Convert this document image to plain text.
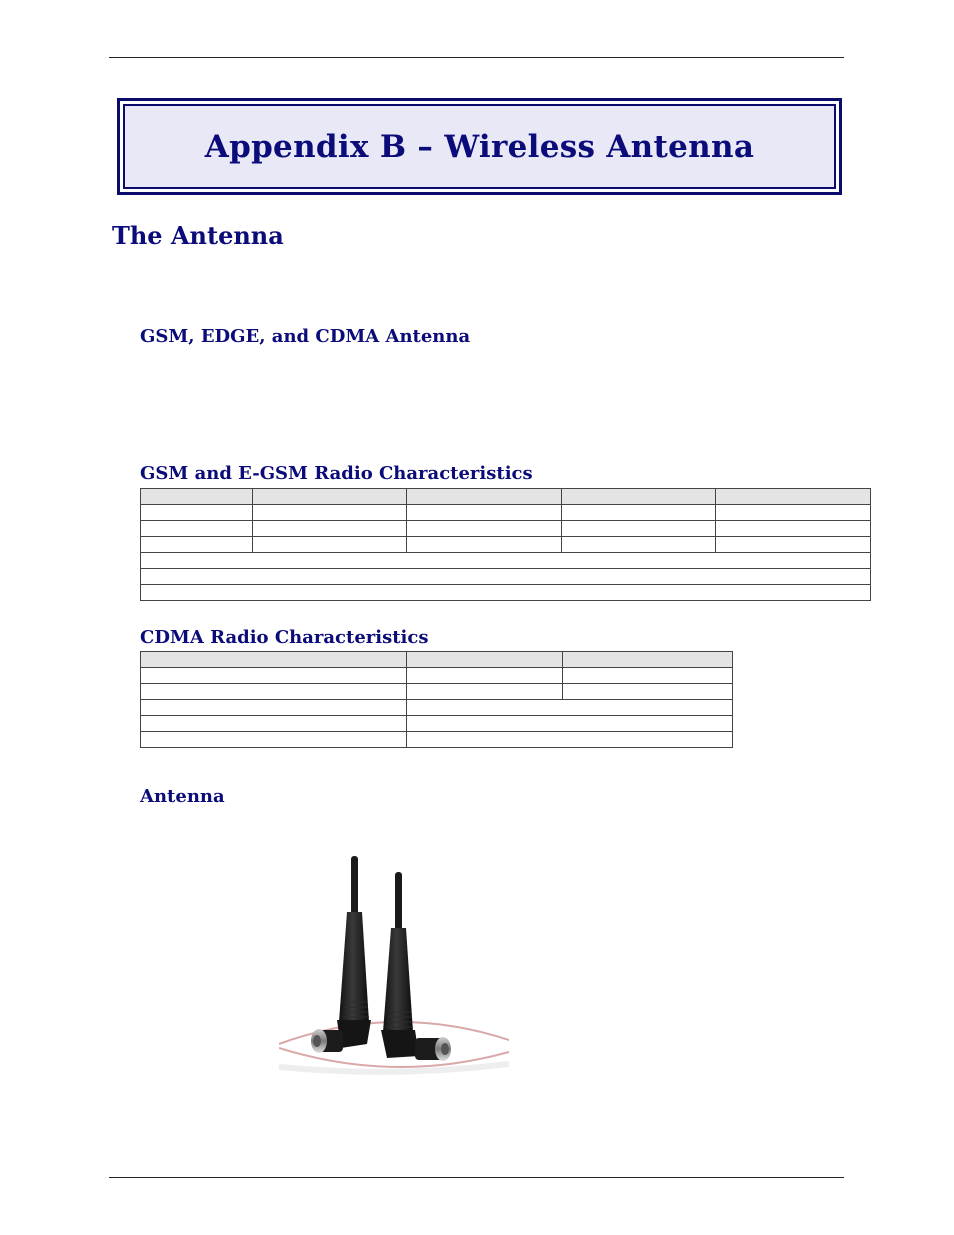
Appendix B – Wireless Antenna
The Antenna
GSM, EDGE, and CDMA Antenna
GSM and E-GSM Radio Characteristics

CDMA Radio Characteristics

Antenna
